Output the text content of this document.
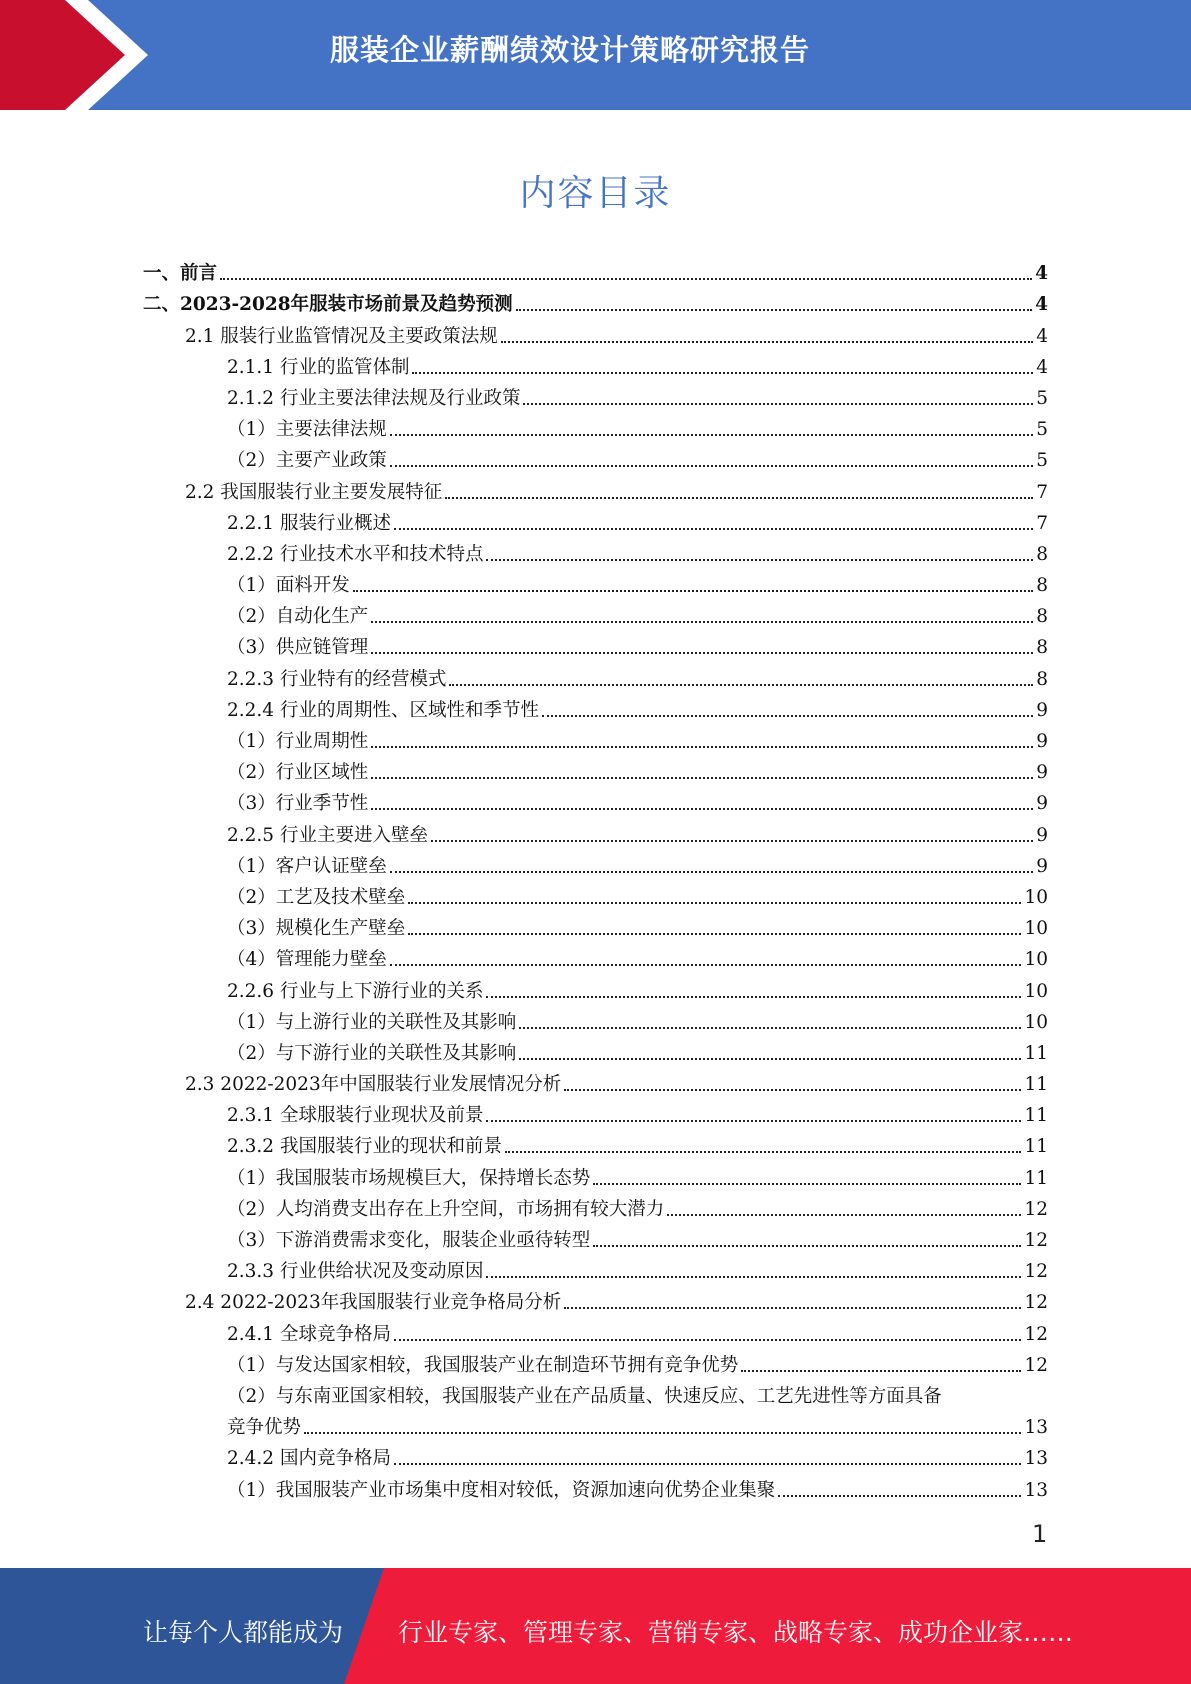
服装企业薪酬绩效设计策略研究报告
内容目录
一、前言	4
二、2023-2028年服装市场前景及趋势预测	4
2.1 服装行业监管情况及主要政策法规	4
2.1.1 行业的监管体制	4
2.1.2 行业主要法律法规及行业政策	5
（1）主要法律法规	5
（2）主要产业政策	5
2.2 我国服装行业主要发展特征	7
2.2.1 服装行业概述	7
2.2.2 行业技术水平和技术特点	8
（1）面料开发	8
（2）自动化生产	8
（3）供应链管理	8
2.2.3 行业特有的经营模式	8
2.2.4 行业的周期性、区域性和季节性	9
（1）行业周期性	9
（2）行业区域性	9
（3）行业季节性	9
2.2.5 行业主要进入壁垒	9
（1）客户认证壁垒	9
（2）工艺及技术壁垒	10
（3）规模化生产壁垒	10
（4）管理能力壁垒	10
2.2.6 行业与上下游行业的关系	10
（1）与上游行业的关联性及其影响	10
（2）与下游行业的关联性及其影响	11
2.3 2022-2023年中国服装行业发展情况分析	11
2.3.1 全球服装行业现状及前景	11
2.3.2 我国服装行业的现状和前景	11
（1）我国服装市场规模巨大，保持增长态势	11
（2）人均消费支出存在上升空间，市场拥有较大潜力	12
（3）下游消费需求变化，服装企业亟待转型	12
2.3.3 行业供给状况及变动原因	12
2.4 2022-2023年我国服装行业竞争格局分析	12
2.4.1 全球竞争格局	12
（1）与发达国家相较，我国服装产业在制造环节拥有竞争优势	12
（2）与东南亚国家相较，我国服装产业在产品质量、快速反应、工艺先进性等方面具备
竞争优势	13
2.4.2 国内竞争格局	13
（1）我国服装产业市场集中度相对较低，资源加速向优势企业集聚	13
1
让每个人都能成为 行业专家、管理专家、营销专家、战略专家、成功企业家……
